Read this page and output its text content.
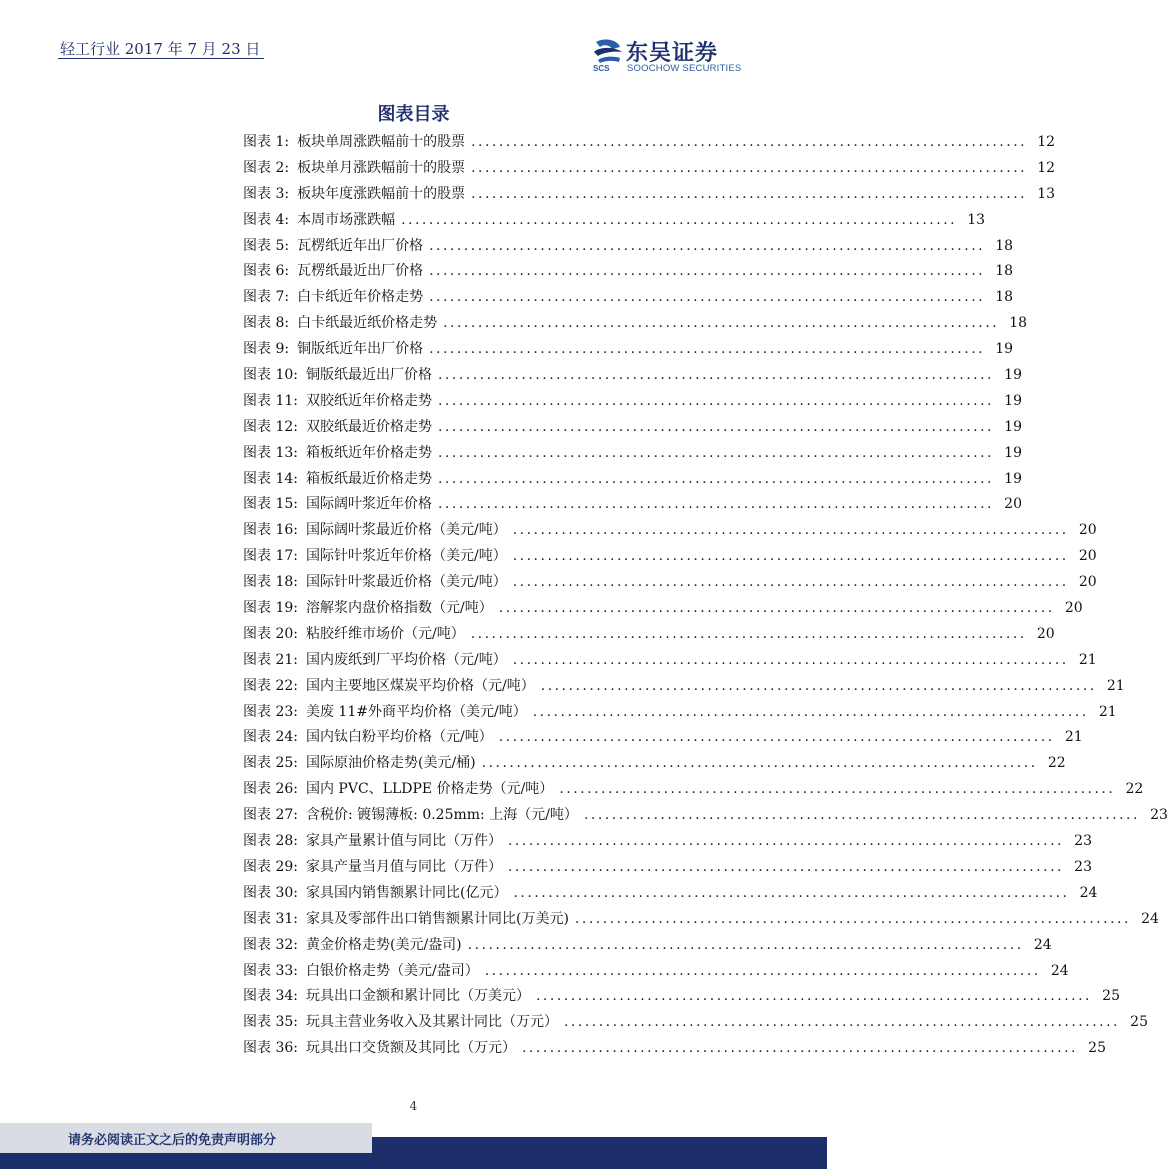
轻工行业 2017 年 7 月 23 日
SCS
东吴证券
SOOCHOW SECURITIES
图表目录
图表 1: 板块单周涨跌幅前十的股票 ................................................................................ 12
图表 2: 板块单月涨跌幅前十的股票 ................................................................................ 12
图表 3: 板块年度涨跌幅前十的股票 ................................................................................ 13
图表 4: 本周市场涨跌幅 ................................................................................ 13
图表 5: 瓦楞纸近年出厂价格 ................................................................................ 18
图表 6: 瓦楞纸最近出厂价格 ................................................................................ 18
图表 7: 白卡纸近年价格走势 ................................................................................ 18
图表 8: 白卡纸最近纸价格走势 ................................................................................ 18
图表 9: 铜版纸近年出厂价格 ................................................................................ 19
图表 10: 铜版纸最近出厂价格 ................................................................................ 19
图表 11: 双胶纸近年价格走势 ................................................................................ 19
图表 12: 双胶纸最近价格走势 ................................................................................ 19
图表 13: 箱板纸近年价格走势 ................................................................................ 19
图表 14: 箱板纸最近价格走势 ................................................................................ 19
图表 15: 国际阔叶浆近年价格 ................................................................................ 20
图表 16: 国际阔叶浆最近价格（美元/吨） ................................................................................ 20
图表 17: 国际针叶浆近年价格（美元/吨） ................................................................................ 20
图表 18: 国际针叶浆最近价格（美元/吨） ................................................................................ 20
图表 19: 溶解浆内盘价格指数（元/吨） ................................................................................ 20
图表 20: 粘胶纤维市场价（元/吨） ................................................................................ 20
图表 21: 国内废纸到厂平均价格（元/吨） ................................................................................ 21
图表 22: 国内主要地区煤炭平均价格（元/吨） ................................................................................ 21
图表 23: 美废 11#外商平均价格（美元/吨） ................................................................................ 21
图表 24: 国内钛白粉平均价格（元/吨） ................................................................................ 21
图表 25: 国际原油价格走势(美元/桶) ................................................................................ 22
图表 26: 国内 PVC、LLDPE 价格走势（元/吨） ................................................................................ 22
图表 27: 含税价: 镀锡薄板: 0.25mm: 上海（元/吨） ................................................................................ 23
图表 28: 家具产量累计值与同比（万件） ................................................................................ 23
图表 29: 家具产量当月值与同比（万件） ................................................................................ 23
图表 30: 家具国内销售额累计同比(亿元） ................................................................................ 24
图表 31: 家具及零部件出口销售额累计同比(万美元) ................................................................................ 24
图表 32: 黄金价格走势(美元/盎司) ................................................................................ 24
图表 33: 白银价格走势（美元/盎司） ................................................................................ 24
图表 34: 玩具出口金额和累计同比（万美元） ................................................................................ 25
图表 35: 玩具主营业务收入及其累计同比（万元） ................................................................................ 25
图表 36: 玩具出口交货额及其同比（万元） ................................................................................ 25
4
请务必阅读正文之后的免责声明部分
